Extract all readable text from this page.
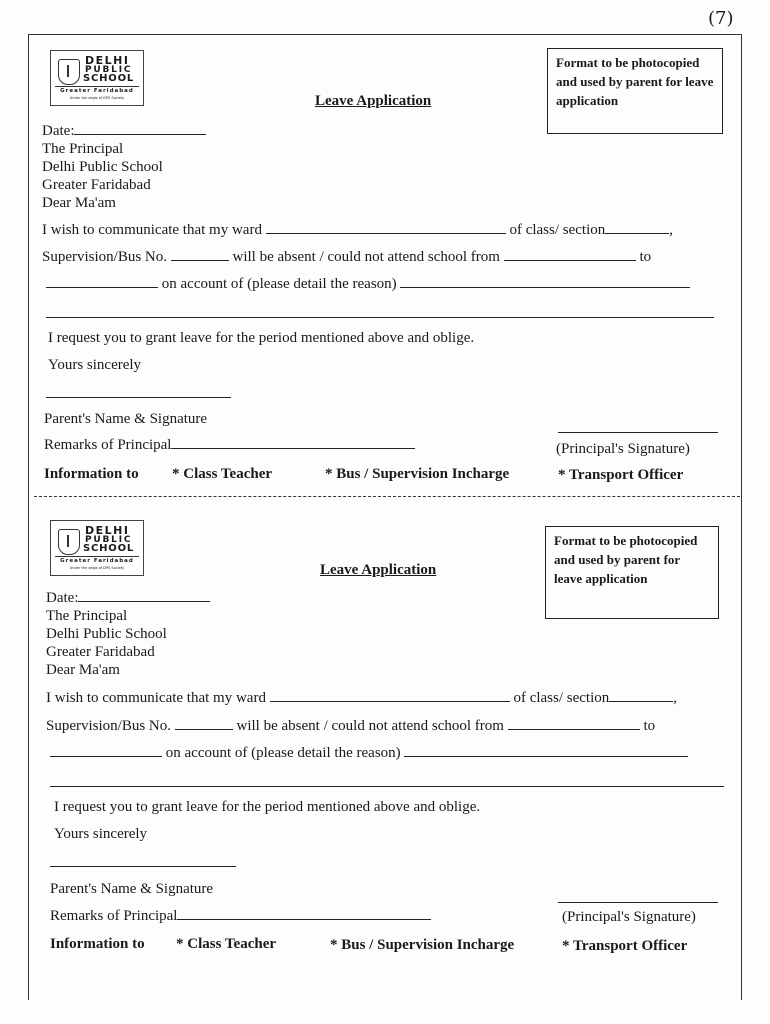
(7)
DELHI
PUBLIC
SCHOOL
Greater Faridabad
Under the aegis of DPS Society	Leave Application
Format to be photocopied and used by parent for leave application
Date:
The Principal
Delhi Public School
Greater Faridabad
Dear Ma'am
I wish to communicate that my ward	of class/ section	,
Supervision/Bus No.	will be absent / could not attend school from	to
on account of (please detail the reason)
I request you to grant leave for the period mentioned above and oblige.
Yours sincerely
Parent's Name & Signature
Remarks of Principal	(Principal's Signature)
Information to * Class Teacher	* Bus / Supervision Incharge	* Transport Officer
DELHI
PUBLIC
SCHOOL
Greater Faridabad
Under the aegis of DPS Society	Leave Application
Format to be photocopied and used by parent for leave application
Date:
The Principal
Delhi Public School
Greater Faridabad
Dear Ma'am
I wish to communicate that my ward	of class/ section	,
Supervision/Bus No.	will be absent / could not attend school from	to
on account of (please detail the reason)
I request you to grant leave for the period mentioned above and oblige.
Yours sincerely
Parent's Name & Signature
Remarks of Principal	(Principal's Signature)
Information to * Class Teacher	* Bus / Supervision Incharge	* Transport Officer
